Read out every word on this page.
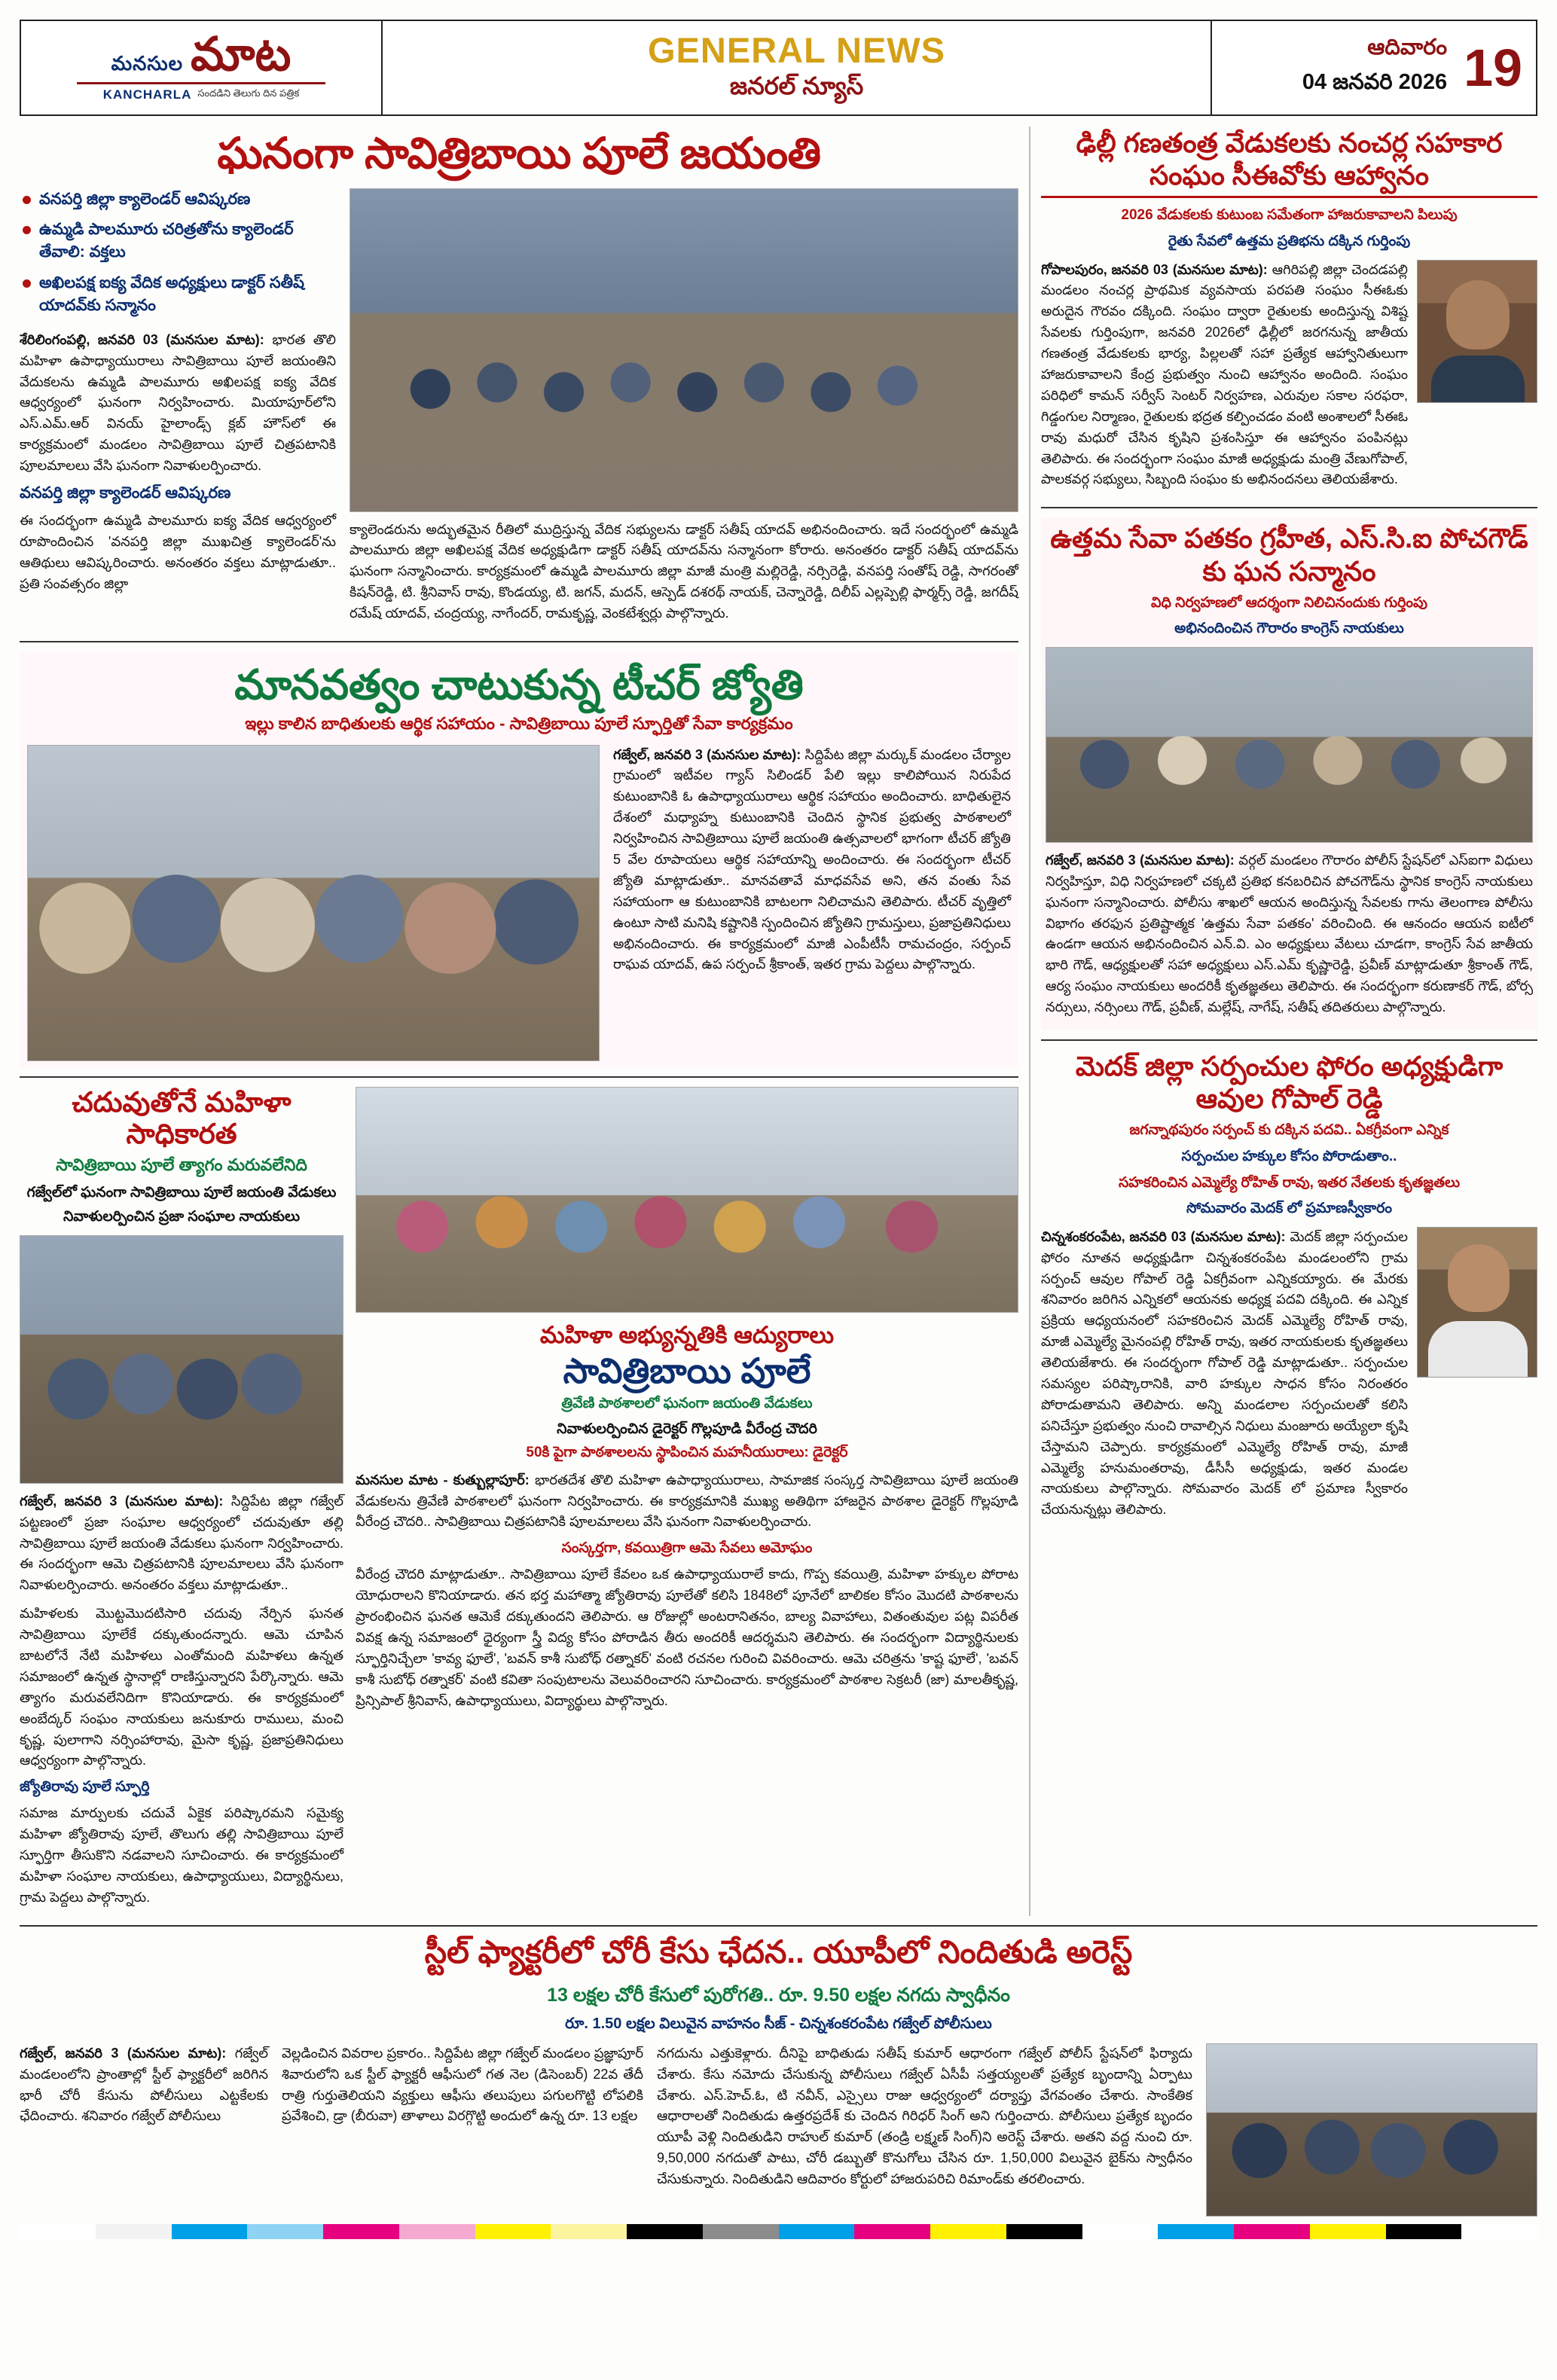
మనసుల మాట
KANCHARLA సందడిని తెలుగు దిన పత్రిక
GENERAL NEWS
జనరల్ న్యూస్
ఆదివారం
04 జనవరి 2026 19
ఘనంగా సావిత్రిబాయి పూలే జయంతి
వనపర్తి జిల్లా క్యాలెండర్ ఆవిష్కరణ
ఉమ్మడి పాలమూరు చరిత్రతోను క్యాలెండర్ తేవాలి: వక్తలు
అఖిలపక్ష ఐక్య వేదిక అధ్యక్షులు డాక్టర్ సతీష్ యాదవ్‌కు సన్మానం

శేరిలింగంపల్లి, జనవరి 03 (మనసుల మాట): భారత తొలి మహిళా ఉపాధ్యాయురాలు సావిత్రిబాయి పూలే జయంతిని వేదుకలను ఉమ్మడి పాలమూరు అఖిలపక్ష ఐక్య వేదిక ఆధ్వర్యంలో ఘనంగా నిర్వహించారు. మియాపూర్‌లోని ఎస్.ఎమ్.ఆర్ వినయ్ హైలాండ్స్ క్లబ్ హౌస్‌లో ఈ కార్యక్రమంలో మండలం సావిత్రిబాయి పూలే చిత్రపటానికి పూలమాలలు వేసి ఘనంగా నివాళులర్పించారు.

వనపర్తి జిల్లా క్యాలెండర్ ఆవిష్కరణ

ఈ సందర్భంగా ఉమ్మడి పాలమూరు ఐక్య వేదిక ఆధ్వర్యంలో రూపొందించిన 'వనపర్తి జిల్లా ముఖచిత్ర క్యాలెండర్'ను ఆతిథులు ఆవిష్కరించారు. అనంతరం వక్తలు మాట్లాడుతూ.. ప్రతి సంవత్సరం జిల్లా

క్యాలెండరును అద్భుతమైన రీతిలో ముద్రిస్తున్న వేదిక సభ్యులను డాక్టర్ సతీష్ యాదవ్ అభినందించారు. ఇదే సందర్భంలో ఉమ్మడి పాలమూరు జిల్లా అఖిలపక్ష వేదిక అధ్యక్షుడిగా డాక్టర్ సతీష్ యాదవ్‌ను సన్మానంగా కోరారు. అనంతరం డాక్టర్ సతీష్ యాదవ్‌ను ఘనంగా సన్మానించారు. కార్యక్రమంలో ఉమ్మడి పాలమూరు జిల్లా మాజీ మంత్రి మల్లిరెడ్డి, నర్సిరెడ్డి, వనపర్తి సంతోష్ రెడ్డి, సాగరంతో కిషన్‌రెడ్డి, టి. శ్రీనివాస్ రావు, కొండయ్య, టి. జగన్, మదన్, ఆస్పెడ్ దశరథ్ నాయక్, చెన్నారెడ్డి, దిలీప్ ఎల్లప్పెల్లి ఫార్మర్స్ రెడ్డి, జగదీష్ రమేష్ యాదవ్, చంద్రయ్య, నాగేందర్, రామకృష్ణ, వెంకటేశ్వర్లు పాల్గొన్నారు.

మానవత్వం చాటుకున్న టీచర్ జ్యోతి
ఇల్లు కాలిన బాధితులకు ఆర్థిక సహాయం - సావిత్రిబాయి పూలే స్ఫూర్తితో సేవా కార్యక్రమం

గజ్వేల్, జనవరి 3 (మనసుల మాట): సిద్దిపేట జిల్లా మర్కుక్ మండలం చేర్యాల గ్రామంలో ఇటీవల గ్యాస్ సిలిండర్ పేలి ఇల్లు కాలిపోయిన నిరుపేద కుటుంబానికి ఓ ఉపాధ్యాయురాలు ఆర్థిక సహాయం అందించారు. బాధితులైన దేశంలో మధ్యాహ్న కుటుంబానికి చెందిన స్థానిక ప్రభుత్వ పాఠశాలలో నిర్వహించిన సావిత్రిబాయి పూలే జయంతి ఉత్సవాలలో భాగంగా టీచర్ జ్యోతి 5 వేల రూపాయలు ఆర్థిక సహాయాన్ని అందించారు. ఈ సందర్భంగా టీచర్ జ్యోతి మాట్లాడుతూ.. మానవతావే మాధవసేవ అని, తన వంతు సేవ సహాయంగా ఆ కుటుంబానికి బాటలగా నిలిచామని తెలిపారు. టీచర్ వృత్తిలో ఉంటూ సాటి మనిషి కష్టానికి స్పందించిన జ్యోతిని గ్రామస్తులు, ప్రజాప్రతినిధులు అభినందించారు. ఈ కార్యక్రమంలో మాజీ ఎంపీటీసీ రామచంద్రం, సర్పంచ్ రాఘవ యాదవ్, ఉప సర్పంచ్ శ్రీకాంత్, ఇతర గ్రామ పెద్దలు పాల్గొన్నారు.

చదువుతోనే మహిళా సాధికారత
సావిత్రిబాయి పూలే త్యాగం మరువలేనిది
గజ్వేల్‌లో ఘనంగా సావిత్రిబాయి పూలే జయంతి వేడుకలు
నివాళులర్పించిన ప్రజా సంఘాల నాయకులు

గజ్వేల్, జనవరి 3 (మనసుల మాట): సిద్దిపేట జిల్లా గజ్వేల్ పట్టణంలో ప్రజా సంఘాల ఆధ్వర్యంలో చదువుతూ తల్లి సావిత్రిబాయి పూలే జయంతి వేడుకలు ఘనంగా నిర్వహించారు. ఈ సందర్భంగా ఆమె చిత్రపటానికి పూలమాలలు వేసి ఘనంగా నివాళులర్పించారు. అనంతరం వక్తలు మాట్లాడుతూ..

మహిళలకు మొట్టమొదటిసారి చదువు నేర్పిన ఘనత సావిత్రిబాయి పూలేకే దక్కుతుందన్నారు. ఆమె చూపిన బాటలోనే నేటి మహిళలు ఎంతోమంది మహిళలు ఉన్నత సమాజంలో ఉన్నత స్థానాల్లో రాణిస్తున్నారని పేర్కొన్నారు. ఆమె త్యాగం మరువలేనిదిగా కొనియాడారు. ఈ కార్యక్రమంలో అంబేద్కర్ సంఘం నాయకులు జనుకూరు రాములు, మంచి కృష్ణ, పులాగాని నర్సింహారావు, మైసా కృష్ణ, ప్రజాప్రతినిధులు ఆధ్వర్యంగా పాల్గొన్నారు.

జ్యోతిరావు పూలే స్ఫూర్తి

సమాజ మార్పులకు చదువే ఏకైక పరిష్కారమని సమైక్య మహిళా జ్యోతిరావు పూలే, తొలుగు తల్లి సావిత్రిబాయి పూలే స్ఫూర్తిగా తీసుకొని నడవాలని సూచించారు. ఈ కార్యక్రమంలో మహిళా సంఘాల నాయకులు, ఉపాధ్యాయులు, విద్యార్థినులు, గ్రామ పెద్దలు పాల్గొన్నారు.

మహిళా అభ్యున్నతికి ఆద్యురాలు
సావిత్రిబాయి పూలే
త్రివేణి పాఠశాలలో ఘనంగా జయంతి వేడుకలు
నివాళులర్పించిన డైరెక్టర్ గొల్లపూడి వీరేంద్ర చౌదరి
50కి పైగా పాఠశాలలను స్థాపించిన మహనీయురాలు: డైరెక్టర్

మనసుల మాట - కుత్బుల్లాపూర్: భారతదేశ తొలి మహిళా ఉపాధ్యాయురాలు, సామాజిక సంస్కర్త సావిత్రిబాయి పూలే జయంతి వేడుకలను త్రివేణి పాఠశాలలో ఘనంగా నిర్వహించారు. ఈ కార్యక్రమానికి ముఖ్య అతిథిగా హాజరైన పాఠశాల డైరెక్టర్ గొల్లపూడి వీరేంద్ర చౌదరి.. సావిత్రిబాయి చిత్రపటానికి పూలమాలలు వేసి ఘనంగా నివాళులర్పించారు.

సంస్కర్తగా, కవయిత్రిగా ఆమె సేవలు అమోఘం

వీరేంద్ర చౌదరి మాట్లాడుతూ.. సావిత్రిబాయి పూలే కేవలం ఒక ఉపాధ్యాయురాలే కాదు, గొప్ప కవయిత్రి, మహిళా హక్కుల పోరాట యోధురాలని కొనియాడారు. తన భర్త మహాత్మా జ్యోతిరావు పూలేతో కలిసి 1848లో పూనేలో బాలికల కోసం మొదటి పాఠశాలను ప్రారంభించిన ఘనత ఆమెకే దక్కుతుందని తెలిపారు. ఆ రోజుల్లో అంటరానితనం, బాల్య వివాహాలు, వితంతువుల పట్ల విపరీత వివక్ష ఉన్న సమాజంలో ధైర్యంగా స్త్రీ విద్య కోసం పోరాడిన తీరు అందరికీ ఆదర్శమని తెలిపారు. ఈ సందర్భంగా విద్యార్థినులకు స్ఫూర్తినిచ్చేలా 'కావ్య ఫూలే', 'బవన్ కాశీ సుబోధ్ రత్నాకర్' వంటి రచనల గురించి వివరించారు. ఆమె చరిత్రను 'కాష్ట ఫూలే', 'బవన్ కాశీ సుబోధ్ రత్నాకర్' వంటి కవితా సంపుటాలను వెలువరించారని సూచించారు. కార్యక్రమంలో పాఠశాల సెక్రటరీ (జా) మాలతీకృష్ణ, ప్రిన్సిపాల్ శ్రీనివాస్, ఉపాధ్యాయులు, విద్యార్థులు పాల్గొన్నారు.

ఢిల్లీ గణతంత్ర వేడుకలకు నంచర్ల సహకార సంఘం సీఈవోకు ఆహ్వానం
2026 వేడుకలకు కుటుంబ సమేతంగా హాజరుకావాలని పిలుపు
రైతు సేవలో ఉత్తమ ప్రతిభను దక్కిన గుర్తింపు

గోపాలపురం, జనవరి 03 (మనసుల మాట): ఆగిరిపల్లి జిల్లా చెందడపల్లి మండలం నంచర్ల ప్రాథమిక వ్యవసాయ పరపతి సంఘం సీఈఓకు అరుదైన గౌరవం దక్కింది. సంఘం ద్వారా రైతులకు అందిస్తున్న విశిష్ట సేవలకు గుర్తింపుగా, జనవరి 2026లో ఢిల్లీలో జరగనున్న జాతీయ గణతంత్ర వేడుకలకు భార్య, పిల్లలతో సహా ప్రత్యేక ఆహ్వానితులుగా హాజరుకావాలని కేంద్ర ప్రభుత్వం నుంచి ఆహ్వానం అందింది. సంఘం పరిధిలో కామన్ సర్వీస్ సెంటర్ నిర్వహణ, ఎరువుల సకాల సరఫరా, గిడ్డంగుల నిర్మాణం, రైతులకు భద్రత కల్పించడం వంటి అంశాలలో సీఈఓ రావు మధురో చేసిన కృషిని ప్రశంసిస్తూ ఈ ఆహ్వానం పంపినట్లు తెలిపారు. ఈ సందర్భంగా సంఘం మాజీ అధ్యక్షుడు మంత్రి వేణుగోపాల్, పాలకవర్గ సభ్యులు, సిబ్బంది సంఘం కు అభినందనలు తెలియజేశారు.

ఉత్తమ సేవా పతకం గ్రహీత, ఎస్‌.సి‌.ఐ పోచగౌడ్ కు ఘన సన్మానం
విధి నిర్వహణలో ఆదర్శంగా నిలిచినందుకు గుర్తింపు
అభినందించిన గౌరారం కాంగ్రెస్ నాయకులు

గజ్వేల్, జనవరి 3 (మనసుల మాట): వర్గల్ మండలం గౌరారం పోలీస్ స్టేషన్‌లో ఎస్‌ఐగా విధులు నిర్వహిస్తూ, విధి నిర్వహణలో చక్కటి ప్రతిభ కనబరిచిన పోచగౌడ్‌ను స్థానిక కాంగ్రెస్ నాయకులు ఘనంగా సన్మానించారు. పోలీసు శాఖలో ఆయన అందిస్తున్న సేవలకు గాను తెలంగాణ పోలీసు విభాగం తరఫున ప్రతిష్టాత్మక 'ఉత్తమ సేవా పతకం' వరించింది. ఈ ఆనందం ఆయన ఐటీలో ఉండగా ఆయన అభినందించిన ఎన్.వి. ఎం అధ్యక్షులు వేటలు చూడగా, కాంగ్రెస్ సేవ జాతీయ భారి గౌడ్, ఆధ్యక్షులతో సహా అధ్యక్షులు ఎస్.ఎమ్ కృష్ణారెడ్డి, ప్రవీణ్ మాట్లాడుతూ శ్రీకాంత్ గౌడ్, ఆర్య సంఘం నాయకులు అందరికీ కృతజ్ఞతలు తెలిపారు. ఈ సందర్భంగా కరుణాకర్ గౌడ్, బోర్స నర్సులు, నర్సింలు గౌడ్, ప్రవీణ్, మల్లేష్, నాగేష్, సతీష్ తదితరులు పాల్గొన్నారు.

మెదక్ జిల్లా సర్పంచుల ఫోరం అధ్యక్షుడిగా ఆవుల గోపాల్ రెడ్డి
జగన్నాథపురం సర్పంచ్ కు దక్కిన పదవి.. ఏకగ్రీవంగా ఎన్నిక
సర్పంచుల హక్కుల కోసం పోరాడుతాం..
సహకరించిన ఎమ్మెల్యే రోహిత్ రావు, ఇతర నేతలకు కృతజ్ఞతలు
సోమవారం మెదక్ లో ప్రమాణస్వీకారం

చిన్నశంకరంపేట, జనవరి 03 (మనసుల మాట): మెదక్ జిల్లా సర్పంచుల ఫోరం నూతన అధ్యక్షుడిగా చిన్నశంకరంపేట మండలంలోని గ్రామ సర్పంచ్ ఆవుల గోపాల్ రెడ్డి ఏకగ్రీవంగా ఎన్నికయ్యారు. ఈ మేరకు శనివారం జరిగిన ఎన్నికలో ఆయనకు అధ్యక్ష పదవి దక్కింది. ఈ ఎన్నిక ప్రక్రియ ఆధ్యయనంలో సహకరించిన మెదక్ ఎమ్మెల్యే రోహిత్ రావు, మాజీ ఎమ్మెల్యే మైనంపల్లి రోహిత్ రావు, ఇతర నాయకులకు కృతజ్ఞతలు తెలియజేశారు. ఈ సందర్భంగా గోపాల్ రెడ్డి మాట్లాడుతూ.. సర్పంచుల సమస్యల పరిష్కారానికి, వారి హక్కుల సాధన కోసం నిరంతరం పోరాడుతామని తెలిపారు. అన్ని మండలాల సర్పంచులతో కలిసి పనిచేస్తూ ప్రభుత్వం నుంచి రావాల్సిన నిధులు మంజూరు అయ్యేలా కృషి చేస్తామని చెప్పారు. కార్యక్రమంలో ఎమ్మెల్యే రోహిత్ రావు, మాజీ ఎమ్మెల్యే హనుమంతరావు, డీసీసీ అధ్యక్షుడు, ఇతర మండల నాయకులు పాల్గొన్నారు. సోమవారం మెదక్ లో ప్రమాణ స్వీకారం చేయనున్నట్లు తెలిపారు.

స్టీల్ ఫ్యాక్టరీలో చోరీ కేసు ఛేదన.. యూపీలో నిందితుడి అరెస్ట్
13 లక్షల చోరీ కేసులో పురోగతి.. రూ. 9.50 లక్షల నగదు స్వాధీనం
రూ. 1.50 లక్షల విలువైన వాహనం సీజ్ - చిన్నశంకరంపేట గజ్వేల్ పోలీసులు

గజ్వేల్, జనవరి 3 (మనసుల మాట): గజ్వేల్ మండలంలోని ప్రాంతాల్లో స్టీల్ ఫ్యాక్టరీలో జరిగిన భారీ చోరీ కేసును పోలీసులు ఎట్టకేలకు ఛేదించారు. శనివారం గజ్వేల్ పోలీసులు

వెల్లడించిన వివరాల ప్రకారం.. సిద్దిపేట జిల్లా గజ్వేల్ మండలం ప్రజ్ఞాపూర్ శివారులోని ఒక స్టీల్ ఫ్యాక్టరీ ఆఫీసులో గత నెల (డిసెంబర్) 22వ తేదీ రాత్రి గుర్తుతెలియని వ్యక్తులు ఆఫీసు తలుపులు పగులగొట్టి లోపలికి ప్రవేశించి, డ్రా (బీరువా) తాళాలు విరగ్గొట్టి అందులో ఉన్న రూ. 13 లక్షల

నగదును ఎత్తుకెళ్లారు. దీనిపై బాధితుడు సతీష్ కుమార్ ఆధారంగా గజ్వేల్ పోలీస్ స్టేషన్‌లో ఫిర్యాదు చేశారు. కేసు నమోదు చేసుకున్న పోలీసులు గజ్వేల్ ఏసీపీ సత్తయ్యలతో ప్రత్యేక బృందాన్ని ఏర్పాటు చేశారు. ఎస్.హెచ్.ఓ, టి నవీన్, ఎస్సైలు రాజు ఆధ్వర్యంలో దర్యాప్తు వేగవంతం చేశారు. సాంకేతిక ఆధారాలతో నిందితుడు ఉత్తరప్రదేశ్ కు చెందిన గిరిధర్ సింగ్ అని గుర్తించారు. పోలీసులు ప్రత్యేక బృందం యూపీ వెళ్లి నిందితుడిని రాహుల్ కుమార్ (తండ్రి లక్ష్మణ్ సింగ్)ని అరెస్ట్ చేశారు. అతని వద్ద నుంచి రూ. 9,50,000 నగదుతో పాటు, చోరీ డబ్బుతో కొనుగోలు చేసిన రూ. 1,50,000 విలువైన బైక్‌ను స్వాధీనం చేసుకున్నారు. నిందితుడిని ఆదివారం కోర్టులో హాజరుపరిచి రిమాండ్‌కు తరలించారు.
